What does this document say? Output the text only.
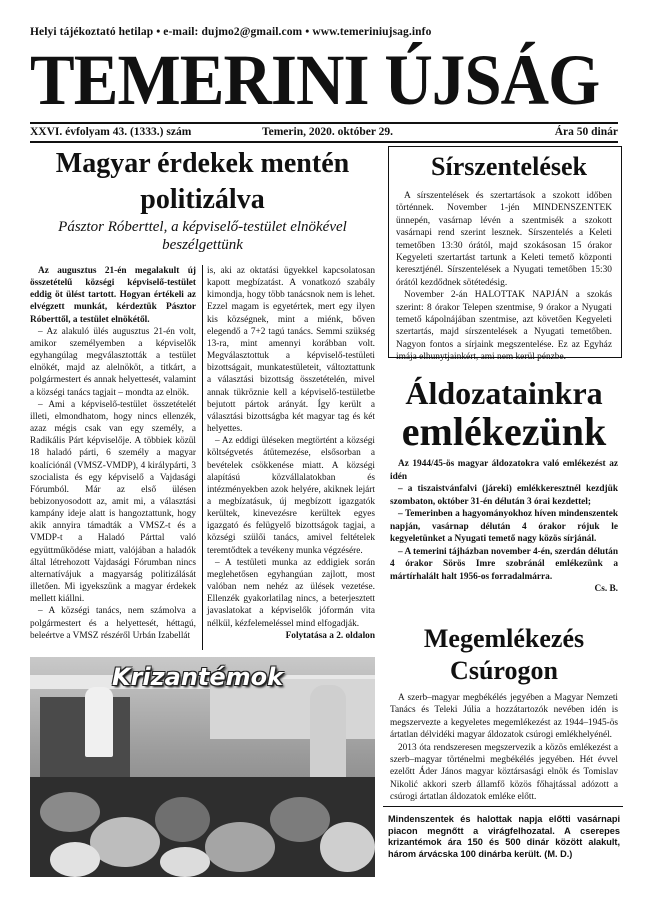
Helyi tájékoztató hetilap • e-mail: dujmo2@gmail.com • www.temeriniujsag.info
TEMERINI ÚJSÁG
XXVI. évfolyam 43. (1333.) szám	Temerin, 2020. október 29.	Ára 50 dinár
Magyar érdekek mentén politizálva
Pásztor Róberttel, a képviselő-testület elnökével beszélgettünk

Az augusztus 21-én megalakult új összetételű községi képviselő-testület eddig öt ülést tartott. Hogyan értékeli az elvégzett munkát, kérdeztük Pásztor Róberttől, a testület elnökétől.

– Az alakuló ülés augusztus 21-én volt, amikor személyemben a képviselők egyhangúlag megválasztották a testület elnökét, majd az alelnököt, a titkárt, a polgármestert és annak helyettesét, valamint a községi tanács tagjait – mondta az elnök.

– Ami a képviselő-testület összetételét illeti, elmondhatom, hogy nincs ellenzék, azaz mégis csak van egy személy, a Radikális Párt képviselője. A többiek közül 18 haladó párti, 6 személy a magyar koalíciónál (VMSZ-VMDP), 4 királypárti, 3 szocialista és egy képviselő a Vajdasági Fórumból. Már az első ülésen bebizonyosodott az, amit mi, a választási kampány ideje alatt is hangoztattunk, hogy akik annyira támadták a VMSZ-t és a VMDP-t a Haladó Párttal való együttműködése miatt, valójában a haladók által létrehozott Vajdasági Fórumban nincs alternatívájuk a magyarság politizálását illetően. Mi igyekszünk a magyar érdekek mellett kiállni.

– A községi tanács, nem számolva a polgármestert és a helyettesét, héttagú, beleértve a VMSZ részéről Urbán Izabellát

is, aki az oktatási ügyekkel kapcsolatosan kapott megbízatást. A vonatkozó szabály kimondja, hogy több tanácsnok nem is lehet. Ezzel magam is egyetértek, mert egy ilyen kis községnek, mint a miénk, bőven elegendő a 7+2 tagú tanács. Semmi szükség 13-ra, mint amennyi korábban volt. Megválasztottuk a képviselő-testületi bizottságait, munkatestületeit, változtattunk a választási bizottság összetételén, mivel annak tükröznie kell a képviselő-testületbe bejutott pártok arányát. Így került a választási bizottságba két magyar tag és két helyettes.

– Az eddigi üléseken megtörtént a községi költségvetés átütemezése, elsősorban a bevételek csökkenése miatt. A községi alapítású közvállalatokban és intézményekben azok helyére, akiknek lejárt a megbízatásuk, új megbízott igazgatók kerültek, kinevezésre kerültek egyes igazgató és felügyelő bizottságok tagjai, a községi szülői tanács, amivel feltételek teremtődtek a tevékeny munka végzésére.

– A testületi munka az eddigiek során meglehetősen egyhangúan zajlott, most valóban nem nehéz az ülések vezetése. Ellenzék gyakorlatilag nincs, a beterjesztett javaslatokat a képviselők jóformán vita nélkül, kézfelemeléssel mind elfogadják.

Folytatása a 2. oldalon

Krizantémok
Sírszentelések

A sírszentelések és szertartások a szokott időben történnek. November 1-jén MINDENSZENTEK ünnepén, vasárnap lévén a szentmisék a szokott vasárnapi rend szerint lesznek. Sírszentelés a Keleti temetőben 13:30 órától, majd szokásosan 15 órakor Kegyeleti szertartást tartunk a Keleti temető központi keresztjénél. Sírszentelések a Nyugati temetőben 15:30 órától kezdődnek sötétedésig.

November 2-án HALOTTAK NAPJÁN a szokás szerint: 8 órakor Telepen szentmise, 9 órakor a Nyugati temető kápolnájában szentmise, azt követően Kegyeleti szertartás, majd sírszentelések a Nyugati temetőben. Nagyon fontos a sírjaink megszentelése. Ez az Egyház imája elhunytjainkért, ami nem kerül pénzbe.

Áldozatainkra
emlékezünk

Az 1944/45-ös magyar áldozatokra való emlékezést az idén

– a tiszaistvánfalvi (járeki) emlékkeresztnél kezdjük szombaton, október 31-én délután 3 órai kezdettel;

– Temerinben a hagyományokhoz híven mindenszentek napján, vasárnap délután 4 órakor rójuk le kegyeletünket a Nyugati temető nagy közös sírjánál.

– A temerini tájházban november 4-én, szerdán délután 4 órakor Sörös Imre szobránál emlékezünk a mártírhalált halt 1956-os forradalmárra.

Cs. B.

Megemlékezés
Csúrogon

A szerb–magyar megbékélés jegyében a Magyar Nemzeti Tanács és Teleki Júlia a hozzátartozók nevében idén is megszervezte a kegyeletes megemlékezést az 1944–1945-ös ártatlan délvidéki magyar áldozatok csúrogi emlékhelyénél.

2013 óta rendszeresen megszervezik a közös emlékezést a szerb–magyar történelmi megbékélés jegyében. Hét évvel ezelőtt Áder János magyar köztársasági elnök és Tomislav Nikolić akkori szerb államfő közös főhajtással adózott a csúrogi ártatlan áldozatok emléke előtt.

Mindenszentek és halottak napja előtti vasárnapi piacon megnőtt a virágfelhozatal. A cserepes krizantémok ára 150 és 500 dinár között alakult, három árvácska 100 dinárba került. (M. D.)
